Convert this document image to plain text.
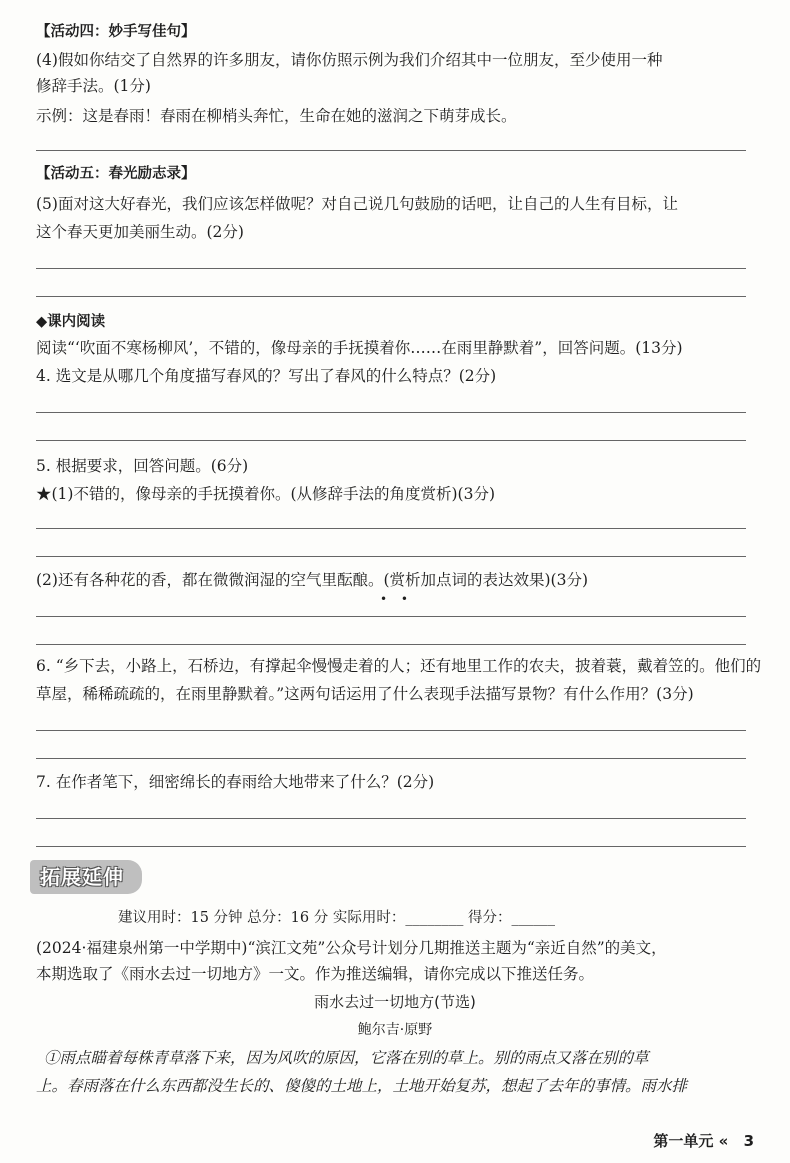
【活动四：妙手写佳句】
(4)假如你结交了自然界的许多朋友，请你仿照示例为我们介绍其中一位朋友，至少使用一种
修辞手法。(1分)
示例：这是春雨！春雨在柳梢头奔忙，生命在她的滋润之下萌芽成长。
【活动五：春光励志录】
(5)面对这大好春光，我们应该怎样做呢？对自己说几句鼓励的话吧，让自己的人生有目标，让
这个春天更加美丽生动。(2分)
◆课内阅读
阅读“‘吹面不寒杨柳风’，不错的，像母亲的手抚摸着你……在雨里静默着”，回答问题。(13分)
4. 选文是从哪几个角度描写春风的？写出了春风的什么特点？(2分)
5. 根据要求，回答问题。(6分)
★(1)不错的，像母亲的手抚摸着你。(从修辞手法的角度赏析)(3分)
(2)还有各种花的香，都在微微润湿的空气里酝酿。(赏析加点词的表达效果)(3分)
• •
6. “乡下去，小路上，石桥边，有撑起伞慢慢走着的人；还有地里工作的农夫，披着蓑，戴着笠的。他们的
草屋，稀稀疏疏的，在雨里静默着。”这两句话运用了什么表现手法描写景物？有什么作用？(3分)
7. 在作者笔下，细密绵长的春雨给大地带来了什么？(2分)
拓展延伸
建议用时：15 分钟 总分：16 分 实际用时：________ 得分：______
(2024·福建泉州第一中学期中)“滨江文苑”公众号计划分几期推送主题为“亲近自然”的美文，
本期选取了《雨水去过一切地方》一文。作为推送编辑，请你完成以下推送任务。
雨水去过一切地方(节选)
鲍尔吉·原野
①雨点瞄着每株青草落下来，因为风吹的原因，它落在别的草上。别的雨点又落在别的草
上。春雨落在什么东西都没生长的、傻傻的土地上，土地开始复苏，想起了去年的事情。雨水排
第一单元 « 3
